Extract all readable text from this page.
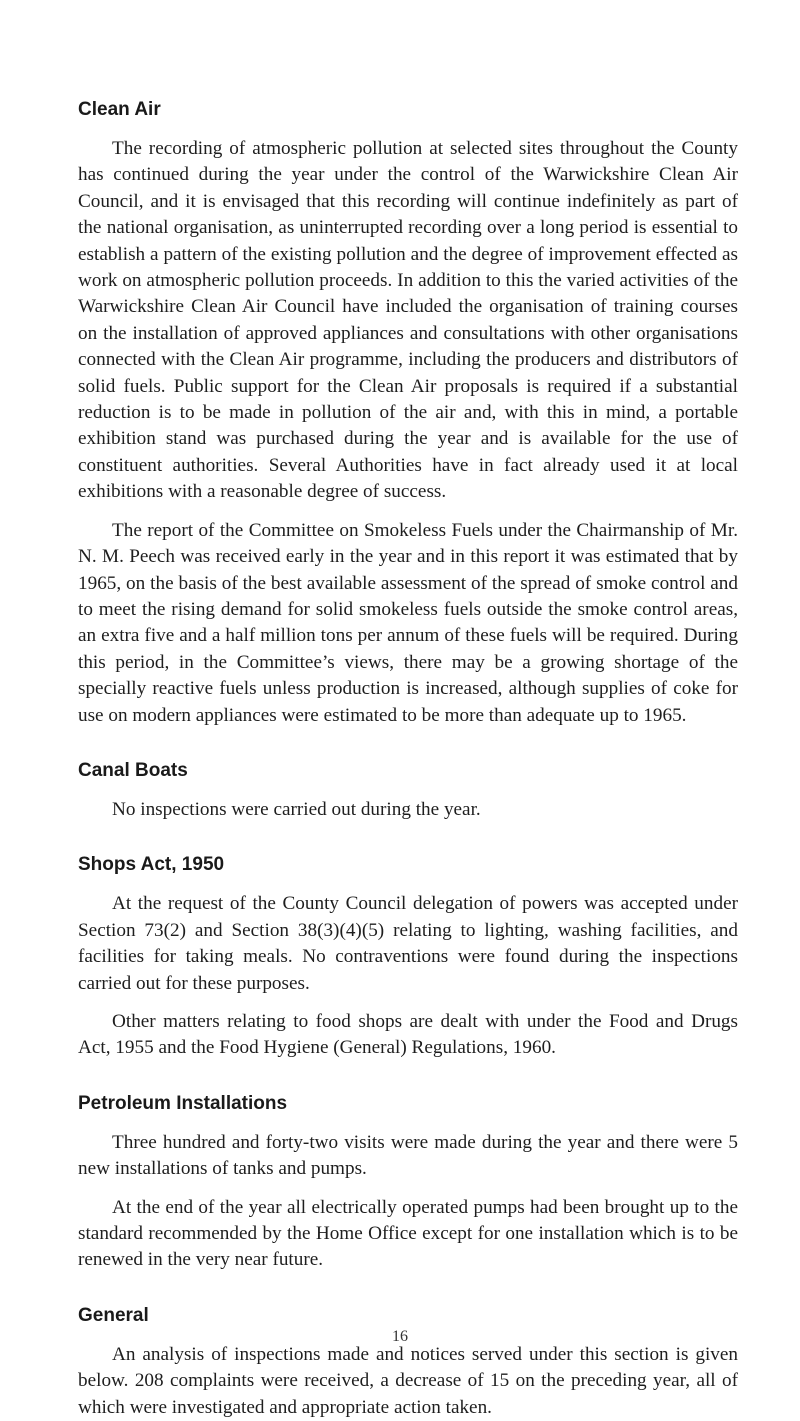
Clean Air

The recording of atmospheric pollution at selected sites throughout the County has continued during the year under the control of the Warwickshire Clean Air Council, and it is envisaged that this recording will continue indefinitely as part of the national organisation, as uninterrupted recording over a long period is essential to establish a pattern of the existing pollution and the degree of improvement effected as work on atmospheric pollution proceeds. In addition to this the varied activities of the Warwickshire Clean Air Council have included the organisation of training courses on the installation of approved appliances and consultations with other organisations connected with the Clean Air programme, including the producers and distributors of solid fuels. Public support for the Clean Air proposals is required if a substantial reduction is to be made in pollution of the air and, with this in mind, a portable exhibition stand was purchased during the year and is available for the use of constituent authorities. Several Authorities have in fact already used it at local exhibitions with a reasonable degree of success.

The report of the Committee on Smokeless Fuels under the Chairmanship of Mr. N. M. Peech was received early in the year and in this report it was estimated that by 1965, on the basis of the best available assessment of the spread of smoke control and to meet the rising demand for solid smokeless fuels outside the smoke control areas, an extra five and a half million tons per annum of these fuels will be required. During this period, in the Committee’s views, there may be a growing shortage of the specially reactive fuels unless production is increased, although supplies of coke for use on modern appliances were estimated to be more than adequate up to 1965.

Canal Boats

No inspections were carried out during the year.

Shops Act, 1950

At the request of the County Council delegation of powers was accepted under Section 73(2) and Section 38(3)(4)(5) relating to lighting, washing facilities, and facilities for taking meals. No contraventions were found during the inspections carried out for these purposes.

Other matters relating to food shops are dealt with under the Food and Drugs Act, 1955 and the Food Hygiene (General) Regulations, 1960.

Petroleum Installations

Three hundred and forty-two visits were made during the year and there were 5 new installations of tanks and pumps.

At the end of the year all electrically operated pumps had been brought up to the standard recommended by the Home Office except for one installation which is to be renewed in the very near future.

General

An analysis of inspections made and notices served under this section is given below. 208 complaints were received, a decrease of 15 on the preceding year, all of which were investigated and appropriate action taken.

16
